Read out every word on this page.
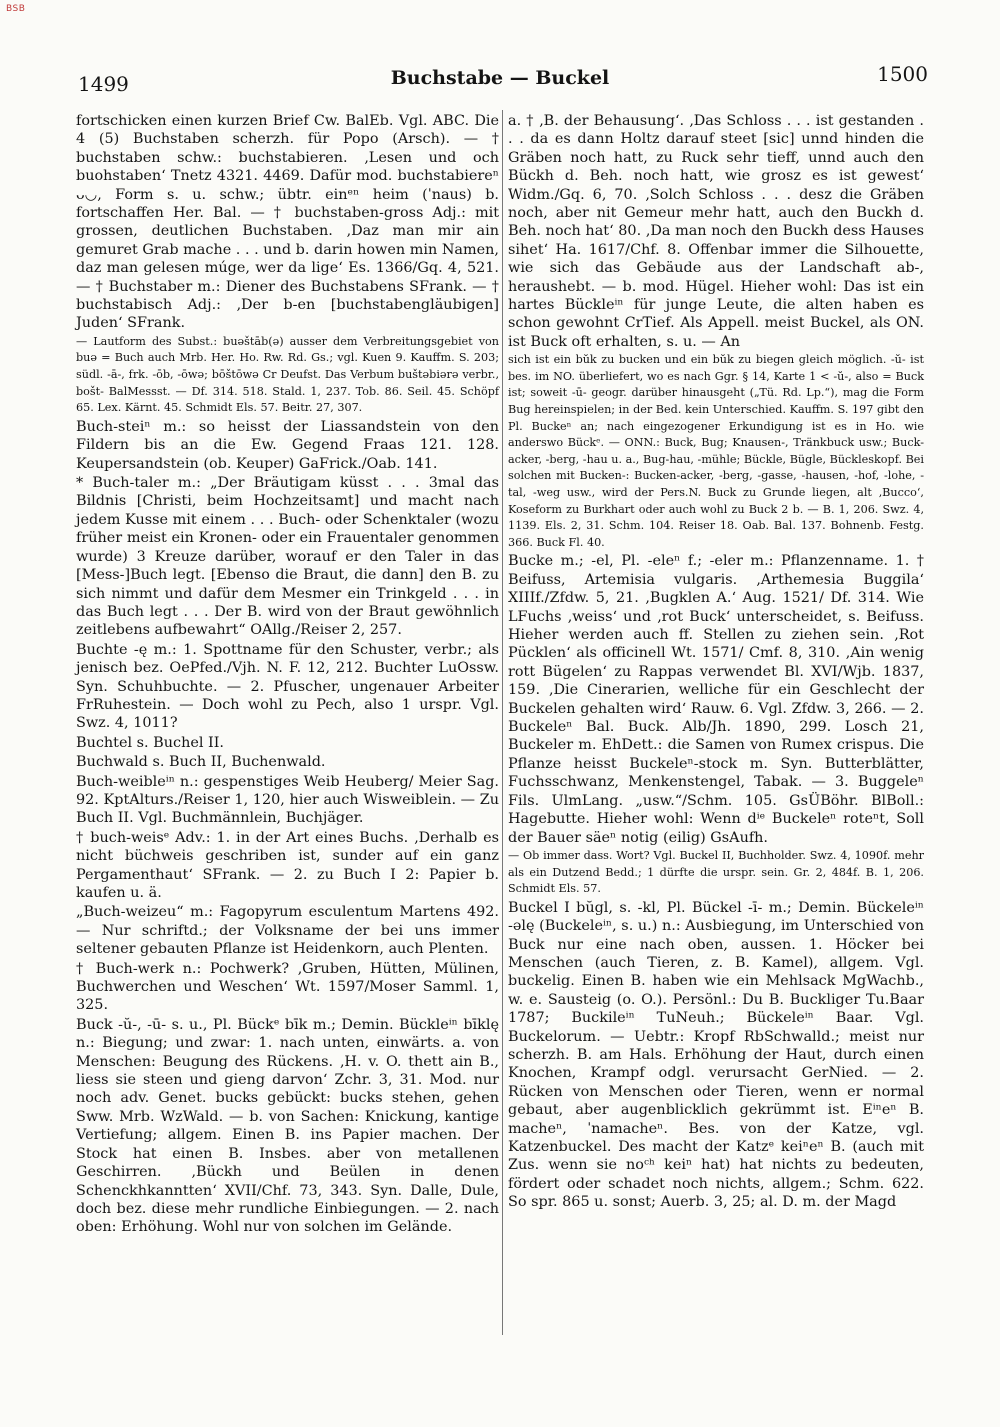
BSB
1499	Buchstabe — Buckel	1500

fortschicken einen kurzen Brief Cw. BalEb. Vgl. ABC. Die 4 (5) Buchstaben scherzh. für Popo (Arsch). — † buchstaben schw.: buchstabieren. ‚Lesen und och buohstaben‘ Tnetz 4321. 4469. Dafür mod. buchstabiereⁿ ᴗ◡, Form s. u. schw.; übtr. einᵉⁿ heim (ˈnaus) b. fortschaffen Her. Bal. — † buchstaben-gross Adj.: mit grossen, deutlichen Buchstaben. ‚Daz man mir ain gemuret Grab mache . . . und b. darin howen min Namen, daz man gelesen múge, wer da lige‘ Es. 1366/Gq. 4, 521. — † Buchstaber m.: Diener des Buchstabens SFrank. — † buchstabisch Adj.: ‚Der b-en [buchstabengläubigen] Juden‘ SFrank.

— Lautform des Subst.: buəštāb(ə) ausser dem Verbreitungsgebiet von buə = Buch auch Mrb. Her. Ho. Rw. Rd. Gs.; vgl. Kuen 9. Kauffm. S. 203; südl. -ā-, frk. -ōb, -ōwə; bōštōwə Cr Deufst. Das Verbum buštəbiərə verbr., bošt- BalMessst. — Df. 314. 518. Stald. 1, 237. Tob. 86. Seil. 45. Schöpf 65. Lex. Kärnt. 45. Schmidt Els. 57. Beitr. 27, 307.

Buch-steiⁿ m.: so heisst der Liassandstein von den Fildern bis an die Ew. Gegend Fraas 121. 128. Keupersandstein (ob. Keuper) GaFrick./Oab. 141.

* Buch-taler m.: „Der Bräutigam küsst . . . 3mal das Bildnis [Christi, beim Hochzeitsamt] und macht nach jedem Kusse mit einem . . . Buch- oder Schenktaler (wozu früher meist ein Kronen- oder ein Frauentaler genommen wurde) 3 Kreuze darüber, worauf er den Taler in das [Mess-]Buch legt. [Ebenso die Braut, die dann] den B. zu sich nimmt und dafür dem Mesmer ein Trinkgeld . . . in das Buch legt . . . Der B. wird von der Braut gewöhnlich zeitlebens aufbewahrt“ OAllg./Reiser 2, 257.

Buchte -ę m.: 1. Spottname für den Schuster, verbr.; als jenisch bez. OePfed./Vjh. N. F. 12, 212. Buchter LuOssw. Syn. Schuhbuchte. — 2. Pfuscher, ungenauer Arbeiter FrRuhestein. — Doch wohl zu Pech, also 1 urspr. Vgl. Swz. 4, 1011?

Buchtel s. Buchel II.

Buchwald s. Buch II, Buchenwald.

Buch-weibleⁱⁿ n.: gespenstiges Weib Heuberg/ Meier Sag. 92. KptAlturs./Reiser 1, 120, hier auch Wisweiblein. — Zu Buch II. Vgl. Buchmännlein, Buchjäger.

† buch-weisᵉ Adv.: 1. in der Art eines Buchs. ‚Derhalb es nicht büchweis geschriben ist, sunder auf ein ganz Pergamenthaut‘ SFrank. — 2. zu Buch I 2: Papier b. kaufen u. ä.

„Buch-weizeu“ m.: Fagopyrum esculentum Martens 492. — Nur schriftd.; der Volksname der bei uns immer seltener gebauten Pflanze ist Heidenkorn, auch Plenten.

† Buch-werk n.: Pochwerk? ‚Gruben, Hütten, Mülinen, Buchwerchen und Weschen‘ Wt. 1597/Moser Samml. 1, 325.

Buck -ŭ-, -ū- s. u., Pl. Bückᵉ bīk m.; Demin. Bückleⁱⁿ bīklę n.: Biegung; und zwar: 1. nach unten, einwärts. a. von Menschen: Beugung des Rückens. ‚H. v. O. thett ain B., liess sie steen und gieng darvon‘ Zchr. 3, 31. Mod. nur noch adv. Genet. bucks gebückt: bucks stehen, gehen Sww. Mrb. WzWald. — b. von Sachen: Knickung, kantige Vertiefung; allgem. Einen B. ins Papier machen. Der Stock hat einen B. Insbes. aber von metallenen Geschirren. ‚Bückh und Beülen in denen Schenckhkanntten‘ XVII/Chf. 73, 343. Syn. Dalle, Dule, doch bez. diese mehr rundliche Einbiegungen. — 2. nach oben: Erhöhung. Wohl nur von solchen im Gelände.

a. † ‚B. der Behausung‘. ‚Das Schloss . . . ist gestanden . . . da es dann Holtz darauf steet [sic] unnd hinden die Gräben noch hatt, zu Ruck sehr tieff, unnd auch den Bückh d. Beh. noch hatt, wie grosz es ist gewest‘ Widm./Gq. 6, 70. ‚Solch Schloss . . . desz die Gräben noch, aber nit Gemeur mehr hatt, auch den Buckh d. Beh. noch hat‘ 80. ‚Da man noch den Buckh dess Hauses sihet‘ Ha. 1617/Chf. 8. Offenbar immer die Silhouette, wie sich das Gebäude aus der Landschaft ab-, heraushebt. — b. mod. Hügel. Hieher wohl: Das ist ein hartes Bückleⁱⁿ für junge Leute, die alten haben es schon gewohnt CrTief. Als Appell. meist Buckel, als ON. ist Buck oft erhalten, s. u. — An

sich ist ein bŭk zu bucken und ein bŭk zu biegen gleich möglich. -ŭ- ist bes. im NO. überliefert, wo es nach Ggr. § 14, Karte 1 < -ŭ-, also = Buck ist; soweit -ū- geogr. darüber hinausgeht („Tü. Rd. Lp.“), mag die Form Bug hereinspielen; in der Bed. kein Unterschied. Kauffm. S. 197 gibt den Pl. Buckeⁿ an; nach eingezogener Erkundigung ist es in Ho. wie anderswo Bückᵉ. — ONN.: Buck, Bug; Knausen-, Tränkbuck usw.; Buck-acker, -berg, -hau u. a., Bug-hau, -mühle; Bückle, Bügle, Bückleskopf. Bei solchen mit Bucken-: Bucken-acker, -berg, -gasse, -hausen, -hof, -lohe, -tal, -weg usw., wird der Pers.N. Buck zu Grunde liegen, alt ‚Bucco‘, Koseform zu Burkhart oder auch wohl zu Buck 2 b. — B. 1, 206. Swz. 4, 1139. Els. 2, 31. Schm. 104. Reiser 18. Oab. Bal. 137. Bohnenb. Festg. 366. Buck Fl. 40.

Bucke m.; -el, Pl. -eleⁿ f.; -eler m.: Pflanzenname. 1. † Beifuss, Artemisia vulgaris. ‚Arthemesia Buggila‘ XIIIf./Zfdw. 5, 21. ‚Bugklen A.‘ Aug. 1521/ Df. 314. Wie LFuchs ‚weiss‘ und ‚rot Buck‘ unterscheidet, s. Beifuss. Hieher werden auch ff. Stellen zu ziehen sein. ‚Rot Pücklen‘ als officinell Wt. 1571/ Cmf. 8, 310. ‚Ain wenig rott Bügelen‘ zu Rappas verwendet Bl. XVI/Wjb. 1837, 159. ‚Die Cinerarien, welliche für ein Geschlecht der Buckelen gehalten wird‘ Rauw. 6. Vgl. Zfdw. 3, 266. — 2. Buckeleⁿ Bal. Buck. Alb/Jh. 1890, 299. Losch 21, Buckeler m. EhDett.: die Samen von Rumex crispus. Die Pflanze heisst Buckeleⁿ-stock m. Syn. Butterblätter, Fuchsschwanz, Menkenstengel, Tabak. — 3. Buggeleⁿ Fils. UlmLang. „usw.“/Schm. 105. GsÜBöhr. BlBoll.: Hagebutte. Hieher wohl: Wenn dⁱᵉ Buckeleⁿ roteⁿt, Soll der Bauer säeⁿ notig (eilig) GsAufh.

— Ob immer dass. Wort? Vgl. Buckel II, Buchholder. Swz. 4, 1090f. mehr als ein Dutzend Bedd.; 1 dürfte die urspr. sein. Gr. 2, 484f. B. 1, 206. Schmidt Els. 57.

Buckel I bŭgl, s. -kl, Pl. Bückel -ī- m.; Demin. Bückeleⁱⁿ -əlę (Buckeleⁱⁿ, s. u.) n.: Ausbiegung, im Unterschied von Buck nur eine nach oben, aussen. 1. Höcker bei Menschen (auch Tieren, z. B. Kamel), allgem. Vgl. buckelig. Einen B. haben wie ein Mehlsack MgWachb., w. e. Sausteig (o. O.). Persönl.: Du B. Buckliger Tu.Baar 1787; Buckileⁱⁿ TuNeuh.; Bückeleⁱⁿ Baar. Vgl. Buckelorum. — Uebtr.: Kropf RbSchwalld.; meist nur scherzh. B. am Hals. Erhöhung der Haut, durch einen Knochen, Krampf odgl. verursacht GerNied. — 2. Rücken von Menschen oder Tieren, wenn er normal gebaut, aber augenblicklich gekrümmt ist. Eⁱⁿeⁿ B. macheⁿ, ˈnamacheⁿ. Bes. von der Katze, vgl. Katzenbuckel. Des macht der Katzᵉ keiⁿeⁿ B. (auch mit Zus. wenn sie noᶜʰ keiⁿ hat) hat nichts zu bedeuten, fördert oder schadet noch nichts, allgem.; Schm. 622. So spr. 865 u. sonst; Auerb. 3, 25; al. D. m. der Magd
